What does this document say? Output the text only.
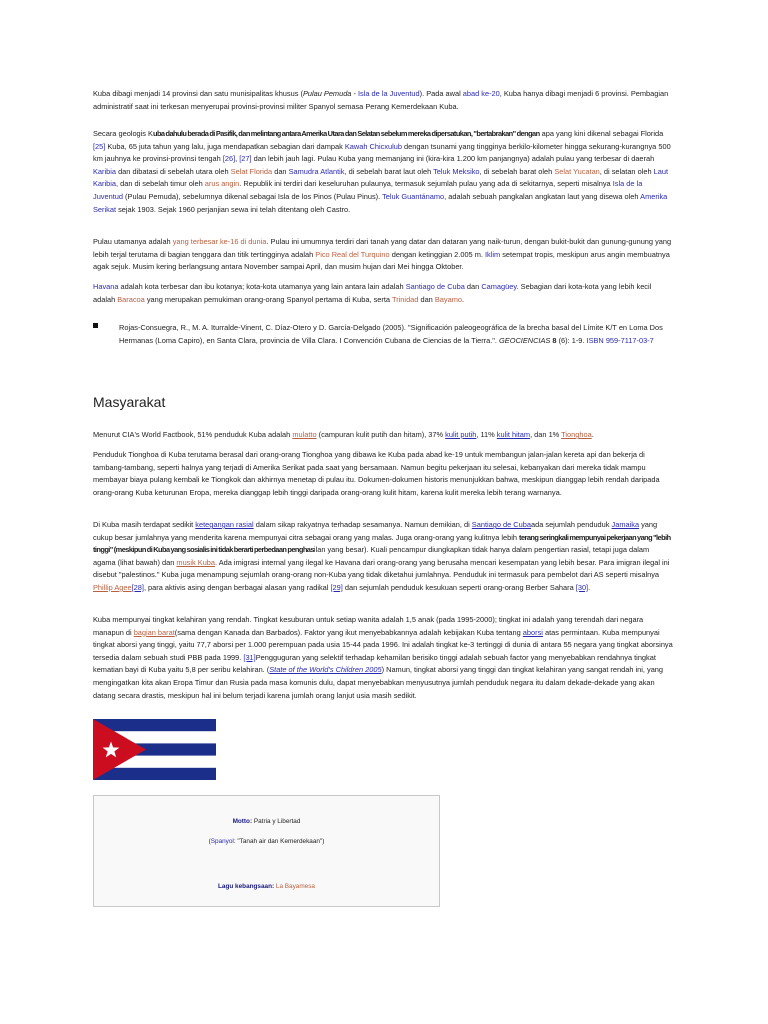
Kuba dibagi menjadi 14 provinsi dan satu munisipalitas khusus (Pulau Pemuda - Isla de la Juventud). Pada awal abad ke-20, Kuba hanya dibagi menjadi 6 provinsi. Pembagian administratif saat ini terkesan menyerupai provinsi-provinsi militer Spanyol semasa Perang Kemerdekaan Kuba.

Secara geologis Kuba dahulu berada di Pasifik, dan melintang antara Amerika Utara dan Selatan sebelum mereka dipersatukan, "bertabrakan" dengan apa yang kini dikenal sebagai Florida [25] Kuba, 65 juta tahun yang lalu, juga mendapatkan sebagian dari dampak Kawah Chicxulub dengan tsunami yang tingginya berkilo-kilometer hingga sekurang-kurangnya 500 km jauhnya ke provinsi-provinsi tengah [26], [27] dan lebih jauh lagi. Pulau Kuba yang memanjang ini (kira-kira 1.200 km panjangnya) adalah pulau yang terbesar di daerah Karibia dan dibatasi di sebelah utara oleh Selat Florida dan Samudra Atlantik, di sebelah barat laut oleh Teluk Meksiko, di sebelah barat oleh Selat Yucatan, di selatan oleh Laut Karibia, dan di sebelah timur oleh arus angin. Republik ini terdiri dari keseluruhan pulaunya, termasuk sejumlah pulau yang ada di sekitarnya, seperti misalnya Isla de la Juventud (Pulau Pemuda), sebelumnya dikenal sebagai Isla de los Pinos (Pulau Pinus). Teluk Guantánamo, adalah sebuah pangkalan angkatan laut yang disewa oleh Amerika Serikat sejak 1903. Sejak 1960 perjanjian sewa ini telah ditentang oleh Castro.

Pulau utamanya adalah yang terbesar ke-16 di dunia. Pulau ini umumnya terdiri dari tanah yang datar dan dataran yang naik-turun, dengan bukit-bukit dan gunung-gunung yang lebih terjal terutama di bagian tenggara dan titik tertingginya adalah Pico Real del Turquino dengan ketinggian 2.005 m. Iklim setempat tropis, meskipun arus angin membuatnya agak sejuk. Musim kering berlangsung antara November sampai April, dan musim hujan dari Mei hingga Oktober.

Havana adalah kota terbesar dan ibu kotanya; kota-kota utamanya yang lain antara lain adalah Santiago de Cuba dan Camagüey. Sebagian dari kota-kota yang lebih kecil adalah Baracoa yang merupakan pemukiman orang-orang Spanyol pertama di Kuba, serta Trinidad dan Bayamo.

Rojas-Consuegra, R., M. A. Iturralde-Vinent, C. Díaz-Otero y D. García-Delgado (2005). "Significación paleogeográfica de la brecha basal del Límite K/T en Loma Dos Hermanas (Loma Capiro), en Santa Clara, provincia de Villa Clara. I Convención Cubana de Ciencias de la Tierra.". GEOCIENCIAS 8 (6): 1-9. ISBN 959-7117-03-7

Masyarakat

Menurut CIA's World Factbook, 51% penduduk Kuba adalah mulatto (campuran kulit putih dan hitam), 37% kulit putih, 11% kulit hitam, dan 1% Tionghoa.

Penduduk Tionghoa di Kuba terutama berasal dari orang-orang Tionghoa yang dibawa ke Kuba pada abad ke-19 untuk membangun jalan-jalan kereta api dan bekerja di tambang-tambang, seperti halnya yang terjadi di Amerika Serikat pada saat yang bersamaan. Namun begitu pekerjaan itu selesai, kebanyakan dari mereka tidak mampu membayar biaya pulang kembali ke Tiongkok dan akhirnya menetap di pulau itu. Dokumen-dokumen historis menunjukkan bahwa, meskipun dianggap lebih rendah daripada orang-orang Kuba keturunan Eropa, mereka dianggap lebih tinggi daripada orang-orang kulit hitam, karena kulit mereka lebih terang warnanya.

Di Kuba masih terdapat sedikit ketegangan rasial dalam sikap rakyatnya terhadap sesamanya. Namun demikian, di Santiago de Cubaada sejumlah penduduk Jamaika yang cukup besar jumlahnya yang menderita karena mempunyai citra sebagai orang yang malas. Juga orang-orang yang kulitnya lebih terang seringkali mempunyai pekerjaan yang "lebih tinggi" (meskipun di Kuba yang sosialis ini tidak berarti perbedaan penghasilan yang besar). Kuali pencampur diungkapkan tidak hanya dalam pengertian rasial, tetapi juga dalam agama (lihat bawah) dan musik Kuba. Ada imigrasi internal yang ilegal ke Havana dari orang-orang yang berusaha mencari kesempatan yang lebih besar. Para imigran ilegal ini disebut "palestinos." Kuba juga menampung sejumlah orang-orang non-Kuba yang tidak diketahui jumlahnya. Penduduk ini termasuk para pembelot dari AS seperti misalnya Phillip Agee[28], para aktivis asing dengan berbagai alasan yang radikal [29] dan sejumlah penduduk kesukuan seperti orang-orang Berber Sahara [30].

Kuba mempunyai tingkat kelahiran yang rendah. Tingkat kesuburan untuk setiap wanita adalah 1,5 anak (pada 1995-2000); tingkat ini adalah yang terendah dari negara manapun di bagian barat(sama dengan Kanada dan Barbados). Faktor yang ikut menyebabkannya adalah kebijakan Kuba tentang aborsi atas permintaan. Kuba mempunyai tingkat aborsi yang tinggi, yaitu 77,7 aborsi per 1.000 perempuan pada usia 15-44 pada 1996. Ini adalah tingkat ke-3 tertinggi di dunia di antara 55 negara yang tingkat aborsinya tersedia dalam sebuah studi PBB pada 1999. [31]Pengguguran yang selektif terhadap kehamilan berisiko tinggi adalah sebuah factor yang menyebabkan rendahnya tingkat kematian bayi di Kuba yaitu 5,8 per seribu kelahiran. (State of the World's Children 2005) Namun, tingkat aborsi yang tinggi dan tingkat kelahiran yang sangat rendah ini, yang mengingatkan kita akan Eropa Timur dan Rusia pada masa komunis dulu, dapat menyebabkan menyusutnya jumlah penduduk negara itu dalam dekade-dekade yang akan datang secara drastis, meskipun hal ini belum terjadi karena jumlah orang lanjut usia masih sedikit.

Motto: Patria y Libertad
(Spanyol: "Tanah air dan Kemerdekaan")
Lagu kebangsaan: La Bayamesa
